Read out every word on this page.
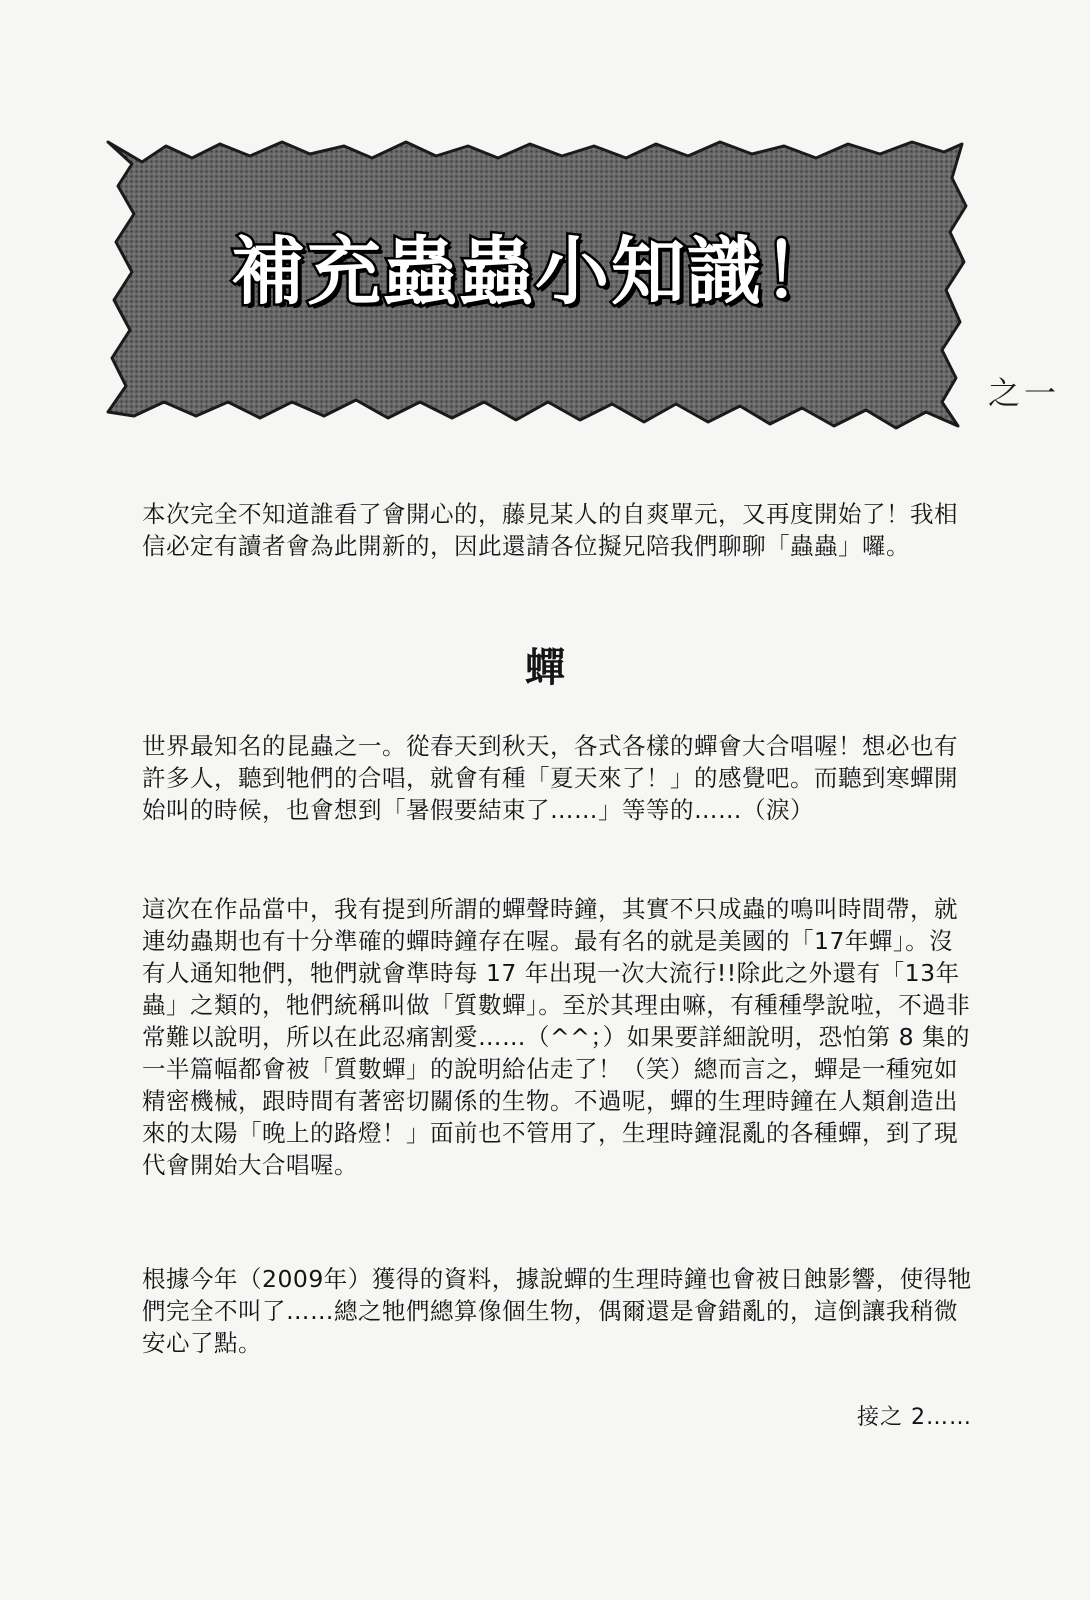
補充蟲蟲小知識！
之一

本次完全不知道誰看了會開心的，藤見某人的自爽單元，又再度開始了！我相信必定有讀者會為此開新的，因此還請各位擬兄陪我們聊聊「蟲蟲」囉。

蟬

世界最知名的昆蟲之一。從春天到秋天，各式各樣的蟬會大合唱喔！想必也有許多人，聽到牠們的合唱，就會有種「夏天來了！」的感覺吧。而聽到寒蟬開始叫的時候，也會想到「暑假要結束了……」等等的……（淚）

這次在作品當中，我有提到所謂的蟬聲時鐘，其實不只成蟲的鳴叫時間帶，就連幼蟲期也有十分準確的蟬時鐘存在喔。最有名的就是美國的「17年蟬」。沒有人通知牠們，牠們就會準時每 17 年出現一次大流行!!除此之外還有「13年蟲」之類的，牠們統稱叫做「質數蟬」。至於其理由嘛，有種種學說啦，不過非常難以說明，所以在此忍痛割愛……（^^；）如果要詳細說明，恐怕第 8 集的一半篇幅都會被「質數蟬」的說明給佔走了！（笑）總而言之，蟬是一種宛如精密機械，跟時間有著密切關係的生物。不過呢，蟬的生理時鐘在人類創造出來的太陽「晚上的路燈！」面前也不管用了，生理時鐘混亂的各種蟬，到了現代會開始大合唱喔。

根據今年（2009年）獲得的資料，據說蟬的生理時鐘也會被日蝕影響，使得牠們完全不叫了……總之牠們總算像個生物，偶爾還是會錯亂的，這倒讓我稍微安心了點。

接之 2……
